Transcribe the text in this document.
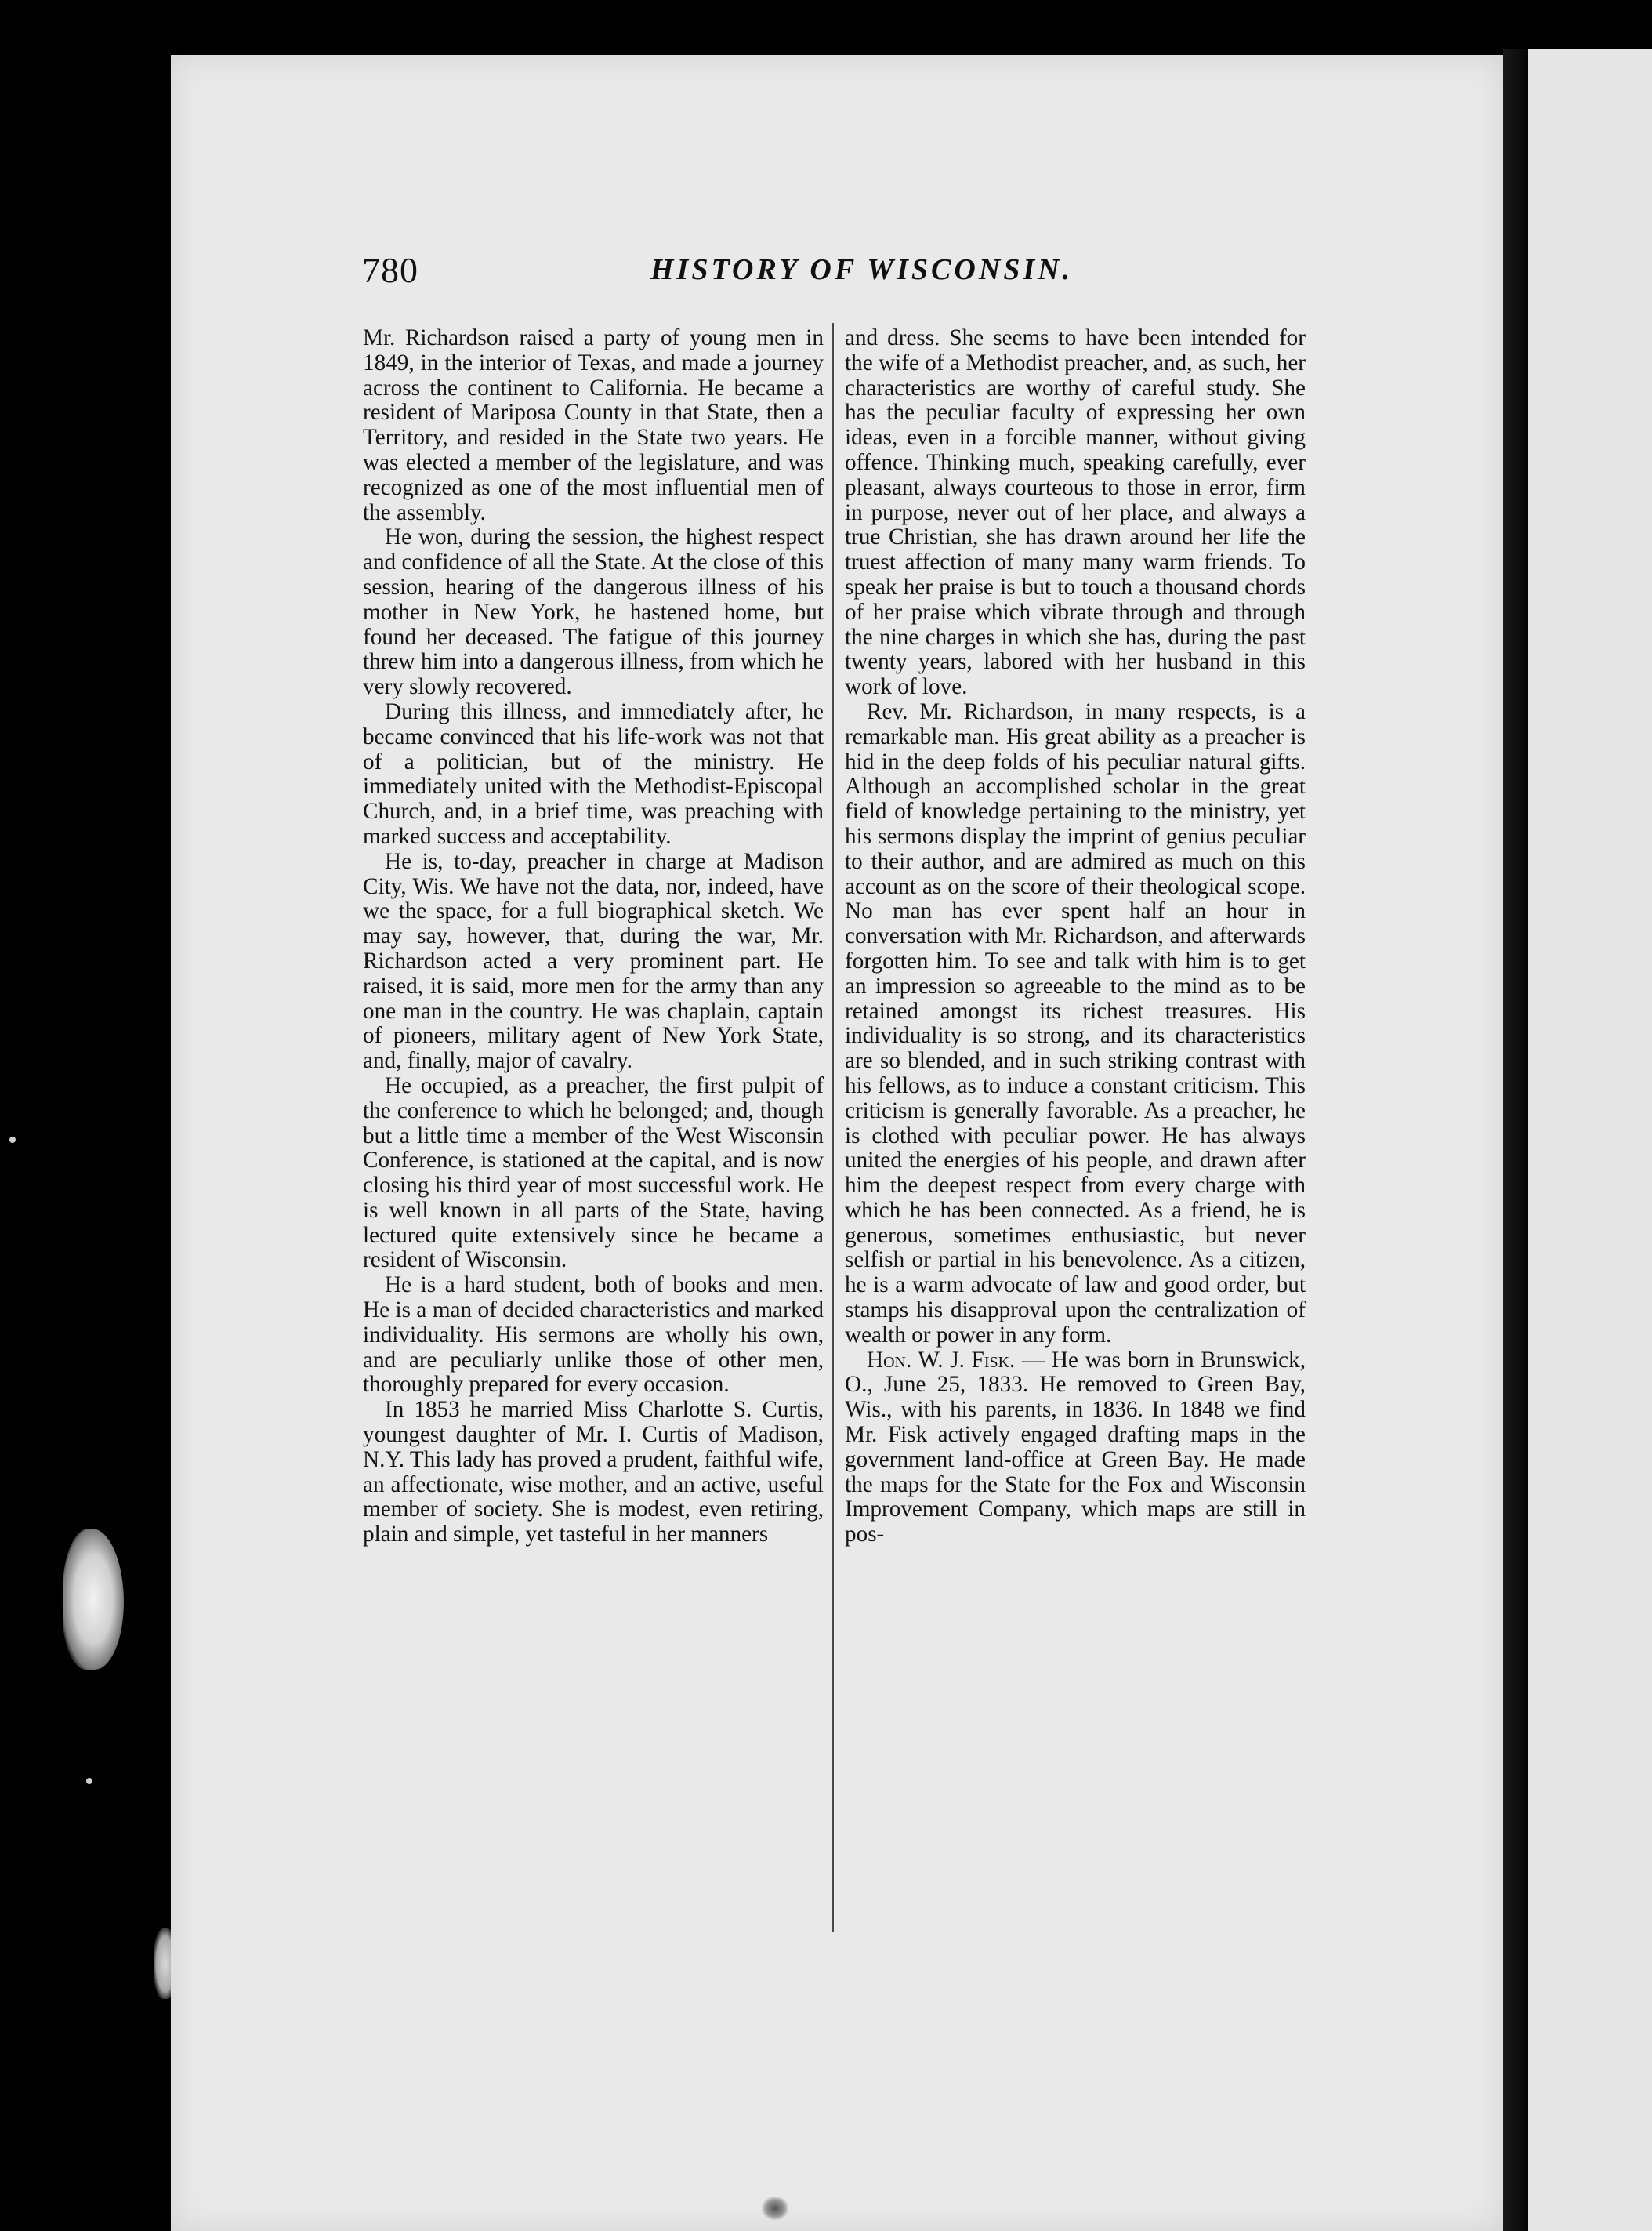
780	HISTORY OF WISCONSIN.

Mr. Richardson raised a party of young men in 1849, in the interior of Texas, and made a journey across the continent to California. He became a resident of Mariposa County in that State, then a Territory, and resided in the State two years. He was elected a member of the legislature, and was recognized as one of the most influential men of the assembly.

He won, during the session, the highest respect and confidence of all the State. At the close of this session, hearing of the dangerous illness of his mother in New York, he hastened home, but found her deceased. The fatigue of this journey threw him into a dangerous illness, from which he very slowly recovered.

During this illness, and immediately after, he became convinced that his life-work was not that of a politician, but of the ministry. He immediately united with the Methodist-Episcopal Church, and, in a brief time, was preaching with marked success and acceptability.

He is, to-day, preacher in charge at Madison City, Wis. We have not the data, nor, indeed, have we the space, for a full biographical sketch. We may say, however, that, during the war, Mr. Richardson acted a very prominent part. He raised, it is said, more men for the army than any one man in the country. He was chaplain, captain of pioneers, military agent of New York State, and, finally, major of cavalry.

He occupied, as a preacher, the first pulpit of the conference to which he belonged; and, though but a little time a member of the West Wisconsin Conference, is stationed at the capital, and is now closing his third year of most successful work. He is well known in all parts of the State, having lectured quite extensively since he became a resident of Wisconsin.

He is a hard student, both of books and men. He is a man of decided characteristics and marked individuality. His sermons are wholly his own, and are peculiarly unlike those of other men, thoroughly prepared for every occasion.

In 1853 he married Miss Charlotte S. Curtis, youngest daughter of Mr. I. Curtis of Madison, N.Y. This lady has proved a prudent, faithful wife, an affectionate, wise mother, and an active, useful member of society. She is modest, even retiring, plain and simple, yet tasteful in her manners

and dress. She seems to have been intended for the wife of a Methodist preacher, and, as such, her characteristics are worthy of careful study. She has the peculiar faculty of expressing her own ideas, even in a forcible manner, without giving offence. Thinking much, speaking carefully, ever pleasant, always courteous to those in error, firm in purpose, never out of her place, and always a true Christian, she has drawn around her life the truest affection of many many warm friends. To speak her praise is but to touch a thousand chords of her praise which vibrate through and through the nine charges in which she has, during the past twenty years, labored with her husband in this work of love.

Rev. Mr. Richardson, in many respects, is a remarkable man. His great ability as a preacher is hid in the deep folds of his peculiar natural gifts. Although an accomplished scholar in the great field of knowledge pertaining to the ministry, yet his sermons display the imprint of genius peculiar to their author, and are admired as much on this account as on the score of their theological scope. No man has ever spent half an hour in conversation with Mr. Richardson, and afterwards forgotten him. To see and talk with him is to get an impression so agreeable to the mind as to be retained amongst its richest treasures. His individuality is so strong, and its characteristics are so blended, and in such striking contrast with his fellows, as to induce a constant criticism. This criticism is generally favorable. As a preacher, he is clothed with peculiar power. He has always united the energies of his people, and drawn after him the deepest respect from every charge with which he has been connected. As a friend, he is generous, sometimes enthusiastic, but never selfish or partial in his benevolence. As a citizen, he is a warm advocate of law and good order, but stamps his disapproval upon the centralization of wealth or power in any form.

Hon. W. J. Fisk. — He was born in Brunswick, O., June 25, 1833. He removed to Green Bay, Wis., with his parents, in 1836. In 1848 we find Mr. Fisk actively engaged drafting maps in the government land-office at Green Bay. He made the maps for the State for the Fox and Wisconsin Improvement Company, which maps are still in pos-
